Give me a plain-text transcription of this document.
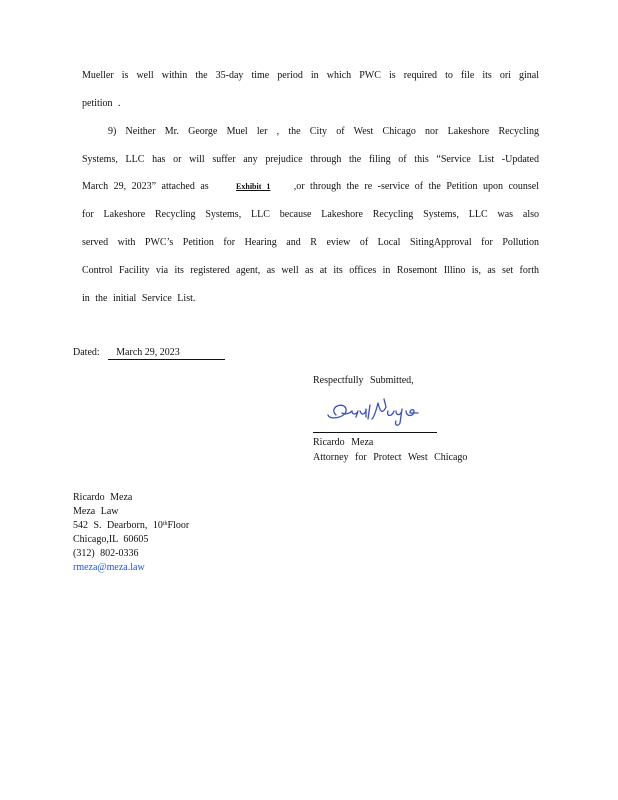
Mueller is well within the 35-day time period in which PWC is required to file its ori ginal
petition .
9) Neither Mr. George Muel ler , the City of West Chicago nor Lakeshore Recycling
Systems, LLC has or will suffer any prejudice through the filing of this “Service List -Updated
March 29, 2023” attached as	Exhibit 1 ,or through the re -service of the Petition upon counsel
for Lakeshore Recycling Systems, LLC because Lakeshore Recycling Systems, LLC was also
served with PWC’s Petition for Hearing and R eview of Local SitingApproval for Pollution
Control Facility via its registered agent, as well as at its offices in Rosemont Illino is, as set forth
in the initial Service List.
Dated: March 29, 2023
Respectfully Submitted,
Ricardo Meza
Attorney for Protect West Chicago
Ricardo Meza
Meza Law
542 S. Dearborn, 10thFloor
Chicago,IL 60605
(312) 802-0336
rmeza@meza.law
